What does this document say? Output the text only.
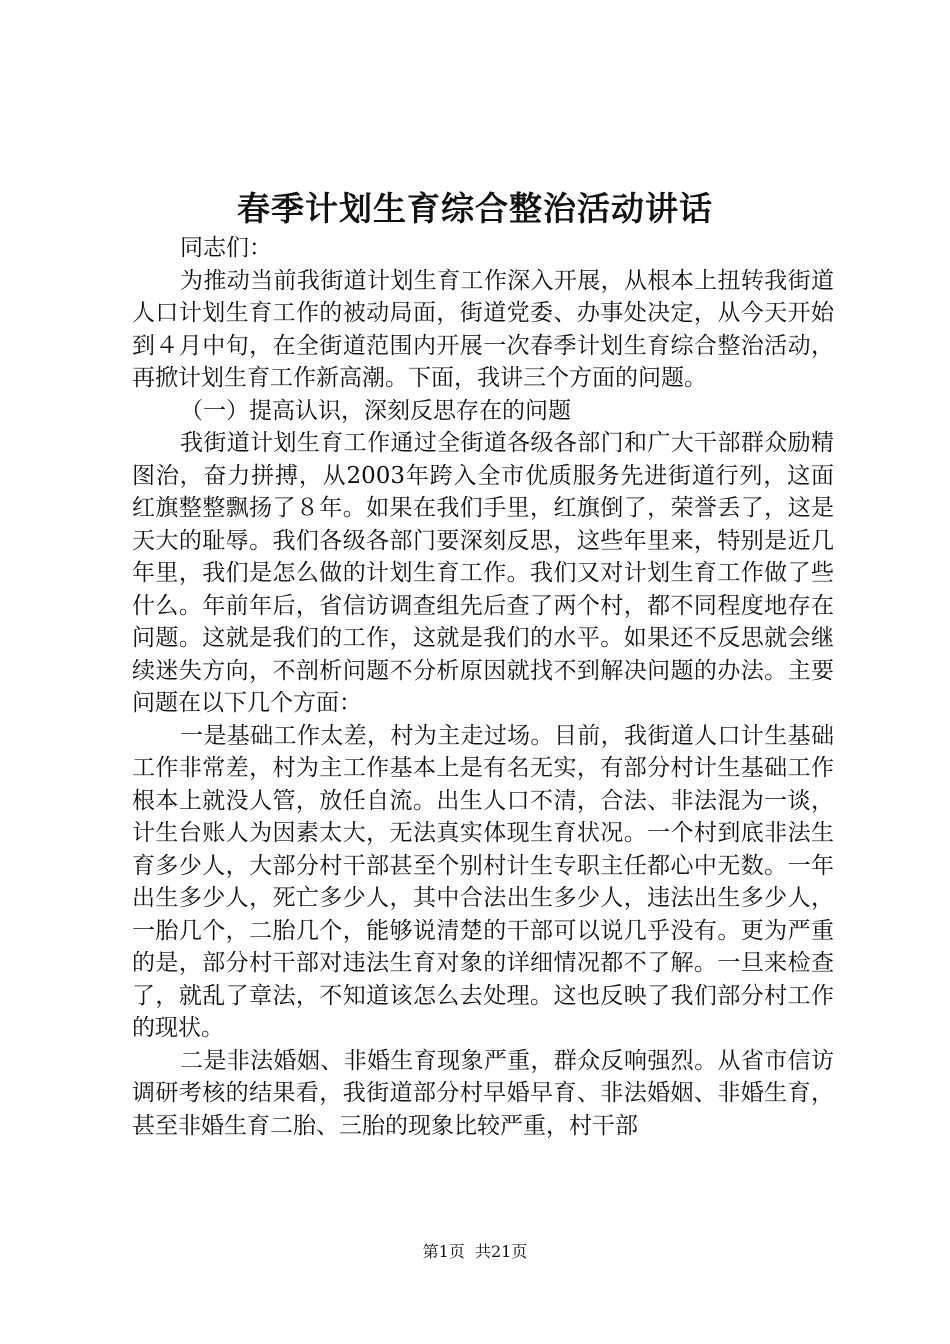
春季计划生育综合整治活动讲话

同志们：

为推动当前我街道计划生育工作深入开展，从根本上扭转我街道人口计划生育工作的被动局面，街道党委、办事处决定，从今天开始到４月中旬，在全街道范围内开展一次春季计划生育综合整治活动，再掀计划生育工作新高潮。下面，我讲三个方面的问题。

（一）提高认识，深刻反思存在的问题

我街道计划生育工作通过全街道各级各部门和广大干部群众励精图治，奋力拼搏，从2003年跨入全市优质服务先进街道行列，这面红旗整整飘扬了８年。如果在我们手里，红旗倒了，荣誉丢了，这是天大的耻辱。我们各级各部门要深刻反思，这些年里来，特别是近几年里，我们是怎么做的计划生育工作。我们又对计划生育工作做了些什么。年前年后，省信访调查组先后查了两个村，都不同程度地存在问题。这就是我们的工作，这就是我们的水平。如果还不反思就会继续迷失方向，不剖析问题不分析原因就找不到解决问题的办法。主要问题在以下几个方面：

一是基础工作太差，村为主走过场。目前，我街道人口计生基础工作非常差，村为主工作基本上是有名无实，有部分村计生基础工作根本上就没人管，放任自流。出生人口不清，合法、非法混为一谈，计生台账人为因素太大，无法真实体现生育状况。一个村到底非法生育多少人，大部分村干部甚至个别村计生专职主任都心中无数。一年出生多少人，死亡多少人，其中合法出生多少人，违法出生多少人，一胎几个，二胎几个，能够说清楚的干部可以说几乎没有。更为严重的是，部分村干部对违法生育对象的详细情况都不了解。一旦来检查了，就乱了章法，不知道该怎么去处理。这也反映了我们部分村工作的现状。

二是非法婚姻、非婚生育现象严重，群众反响强烈。从省市信访调研考核的结果看，我街道部分村早婚早育、非法婚姻、非婚生育，甚至非婚生育二胎、三胎的现象比较严重，村干部

第1页  共21页
